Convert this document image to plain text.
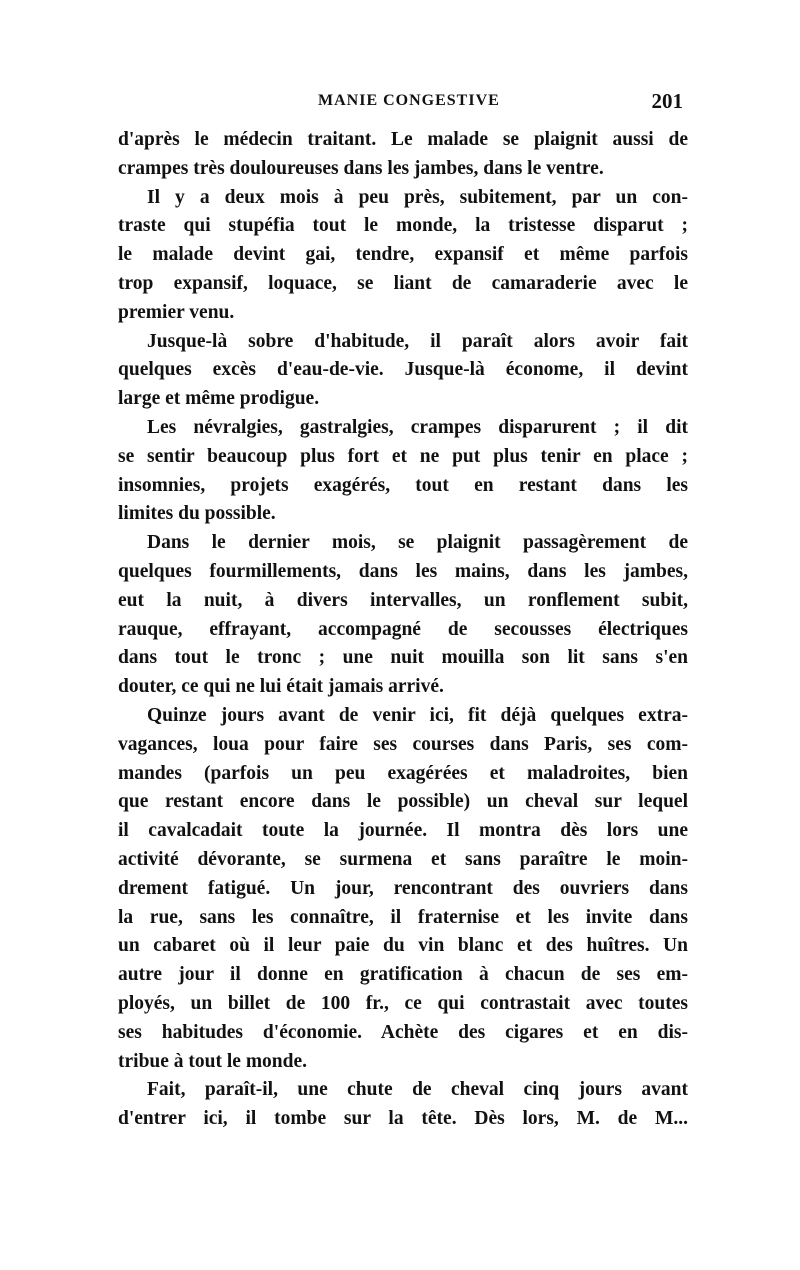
MANIE CONGESTIVE	201
d'après le médecin traitant. Le malade se plaignit aussi de
crampes très douloureuses dans les jambes, dans le ventre.
Il y a deux mois à peu près, subitement, par un con-
traste qui stupéfia tout le monde, la tristesse disparut ;
le malade devint gai, tendre, expansif et même parfois
trop expansif, loquace, se liant de camaraderie avec le
premier venu.
Jusque-là sobre d'habitude, il paraît alors avoir fait
quelques excès d'eau-de-vie. Jusque-là économe, il devint
large et même prodigue.
Les névralgies, gastralgies, crampes disparurent ; il dit
se sentir beaucoup plus fort et ne put plus tenir en place ;
insomnies, projets exagérés, tout en restant dans les
limites du possible.
Dans le dernier mois, se plaignit passagèrement de
quelques fourmillements, dans les mains, dans les jambes,
eut la nuit, à divers intervalles, un ronflement subit,
rauque, effrayant, accompagné de secousses électriques
dans tout le tronc ; une nuit mouilla son lit sans s'en
douter, ce qui ne lui était jamais arrivé.
Quinze jours avant de venir ici, fit déjà quelques extra-
vagances, loua pour faire ses courses dans Paris, ses com-
mandes (parfois un peu exagérées et maladroites, bien
que restant encore dans le possible) un cheval sur lequel
il cavalcadait toute la journée. Il montra dès lors une
activité dévorante, se surmena et sans paraître le moin-
drement fatigué. Un jour, rencontrant des ouvriers dans
la rue, sans les connaître, il fraternise et les invite dans
un cabaret où il leur paie du vin blanc et des huîtres. Un
autre jour il donne en gratification à chacun de ses em-
ployés, un billet de 100 fr., ce qui contrastait avec toutes
ses habitudes d'économie. Achète des cigares et en dis-
tribue à tout le monde.
Fait, paraît-il, une chute de cheval cinq jours avant
d'entrer ici, il tombe sur la tête. Dès lors, M. de M...
